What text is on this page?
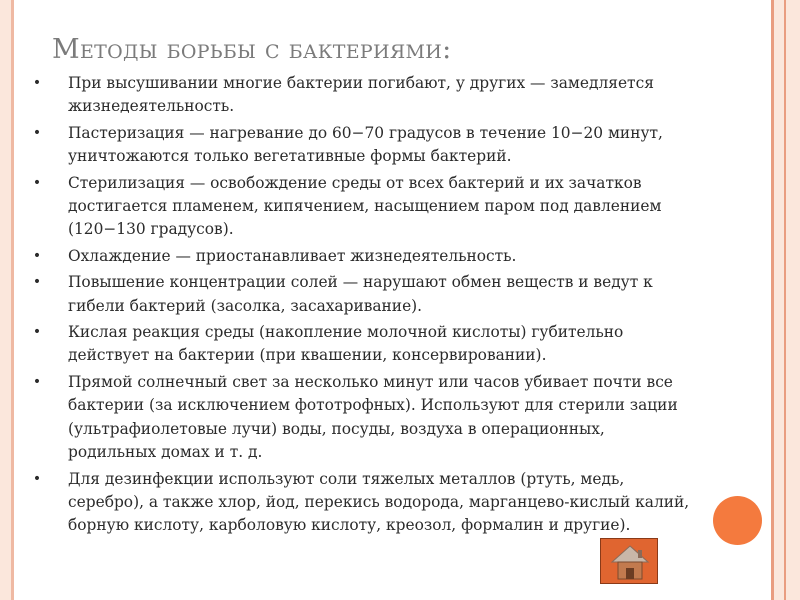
Методы борьбы с бактериями:
• При высушивании многие бактерии погибают, у других — замедляется жизнедеятельность.
• Пастеризация — нагревание до 60−70 градусов в течение 10−20 минут, уничтожаются только вегетативные формы бактерий.
• Стерилизация — освобождение среды от всех бактерий и их зачатков достигается пламенем, кипячением, насыщением паром под давлением (120−130 градусов).
• Охлаждение — приостанавливает жизнедеятельность.
• Повышение концентрации солей — нарушают обмен веществ и ведут к гибели бактерий (засолка, засахаривание).
• Кислая реакция среды (накопление молочной кислоты) губительно действует на бактерии (при квашении, консервировании).
• Прямой солнечный свет за несколько минут или часов убивает почти все бактерии (за исключением фототрофных). Используют для стерили зации (ультрафиолетовые лучи) воды, посуды, воздуха в операционных, родильных домах и т. д.
• Для дезинфекции используют соли тяжелых металлов (ртуть, медь, серебро), а также хлор, йод, перекись водорода, марганцево-кислый калий, борную кислоту, карболовую кислоту, креозол, формалин и другие).
